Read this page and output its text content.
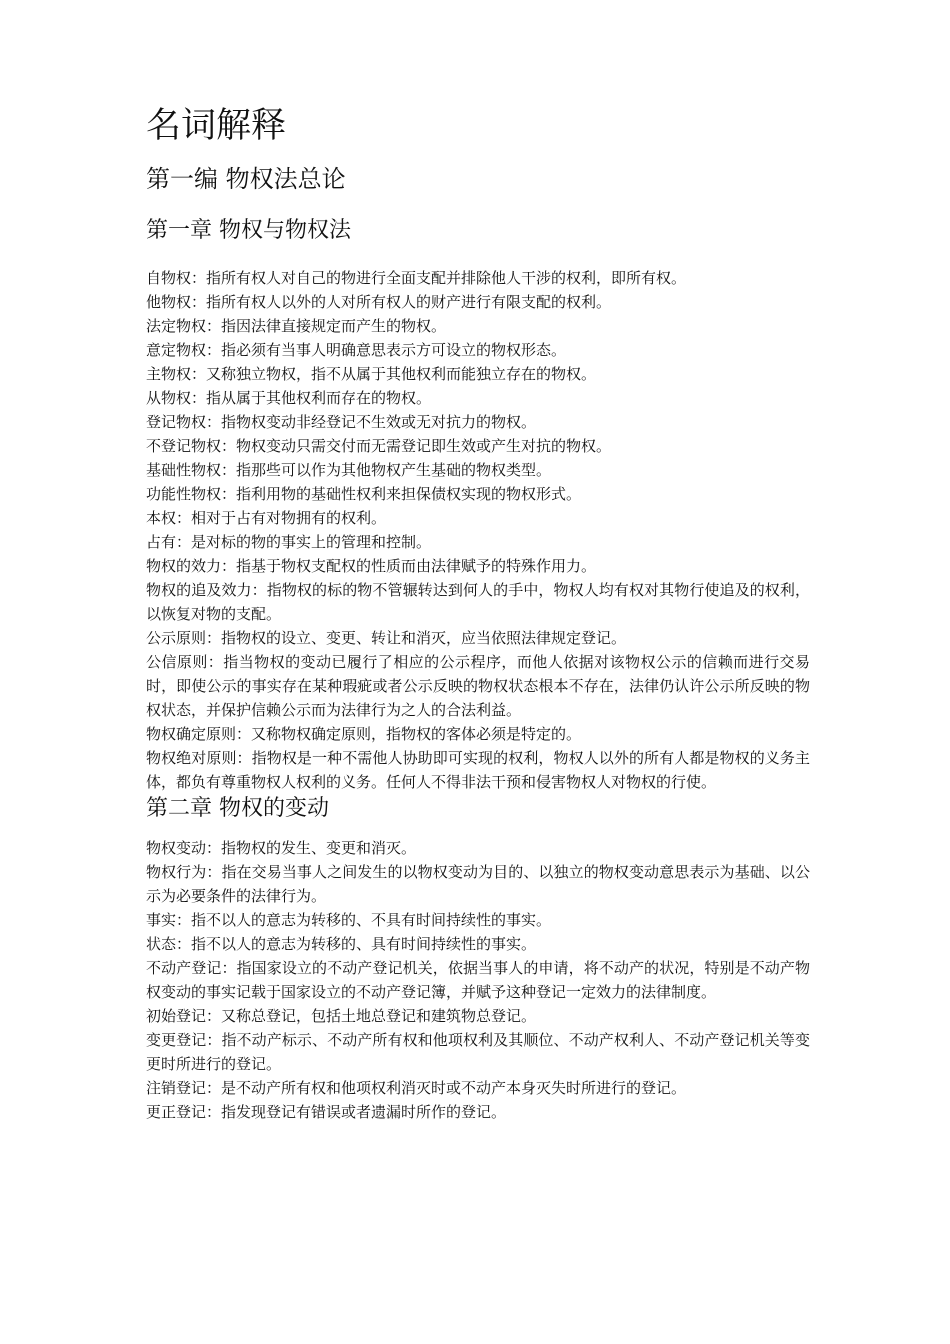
名词解释
第一编 物权法总论
第一章 物权与物权法

自物权：指所有权人对自己的物进行全面支配并排除他人干涉的权利，即所有权。

他物权：指所有权人以外的人对所有权人的财产进行有限支配的权利。

法定物权：指因法律直接规定而产生的物权。

意定物权：指必须有当事人明确意思表示方可设立的物权形态。

主物权：又称独立物权，指不从属于其他权利而能独立存在的物权。

从物权：指从属于其他权利而存在的物权。

登记物权：指物权变动非经登记不生效或无对抗力的物权。

不登记物权：物权变动只需交付而无需登记即生效或产生对抗的物权。

基础性物权：指那些可以作为其他物权产生基础的物权类型。

功能性物权：指利用物的基础性权利来担保债权实现的物权形式。

本权：相对于占有对物拥有的权利。

占有：是对标的物的事实上的管理和控制。

物权的效力：指基于物权支配权的性质而由法律赋予的特殊作用力。

物权的追及效力：指物权的标的物不管辗转达到何人的手中，物权人均有权对其物行使追及的权利，以恢复对物的支配。

公示原则：指物权的设立、变更、转让和消灭，应当依照法律规定登记。

公信原则：指当物权的变动已履行了相应的公示程序，而他人依据对该物权公示的信赖而进行交易时，即使公示的事实存在某种瑕疵或者公示反映的物权状态根本不存在，法律仍认许公示所反映的物权状态，并保护信赖公示而为法律行为之人的合法利益。

物权确定原则：又称物权确定原则，指物权的客体必须是特定的。

物权绝对原则：指物权是一种不需他人协助即可实现的权利，物权人以外的所有人都是物权的义务主体，都负有尊重物权人权利的义务。任何人不得非法干预和侵害物权人对物权的行使。

第二章 物权的变动

物权变动：指物权的发生、变更和消灭。

物权行为：指在交易当事人之间发生的以物权变动为目的、以独立的物权变动意思表示为基础、以公示为必要条件的法律行为。

事实：指不以人的意志为转移的、不具有时间持续性的事实。

状态：指不以人的意志为转移的、具有时间持续性的事实。

不动产登记：指国家设立的不动产登记机关，依据当事人的申请，将不动产的状况，特别是不动产物权变动的事实记载于国家设立的不动产登记簿，并赋予这种登记一定效力的法律制度。

初始登记：又称总登记，包括土地总登记和建筑物总登记。

变更登记：指不动产标示、不动产所有权和他项权利及其顺位、不动产权利人、不动产登记机关等变更时所进行的登记。

注销登记：是不动产所有权和他项权利消灭时或不动产本身灭失时所进行的登记。

更正登记：指发现登记有错误或者遗漏时所作的登记。
